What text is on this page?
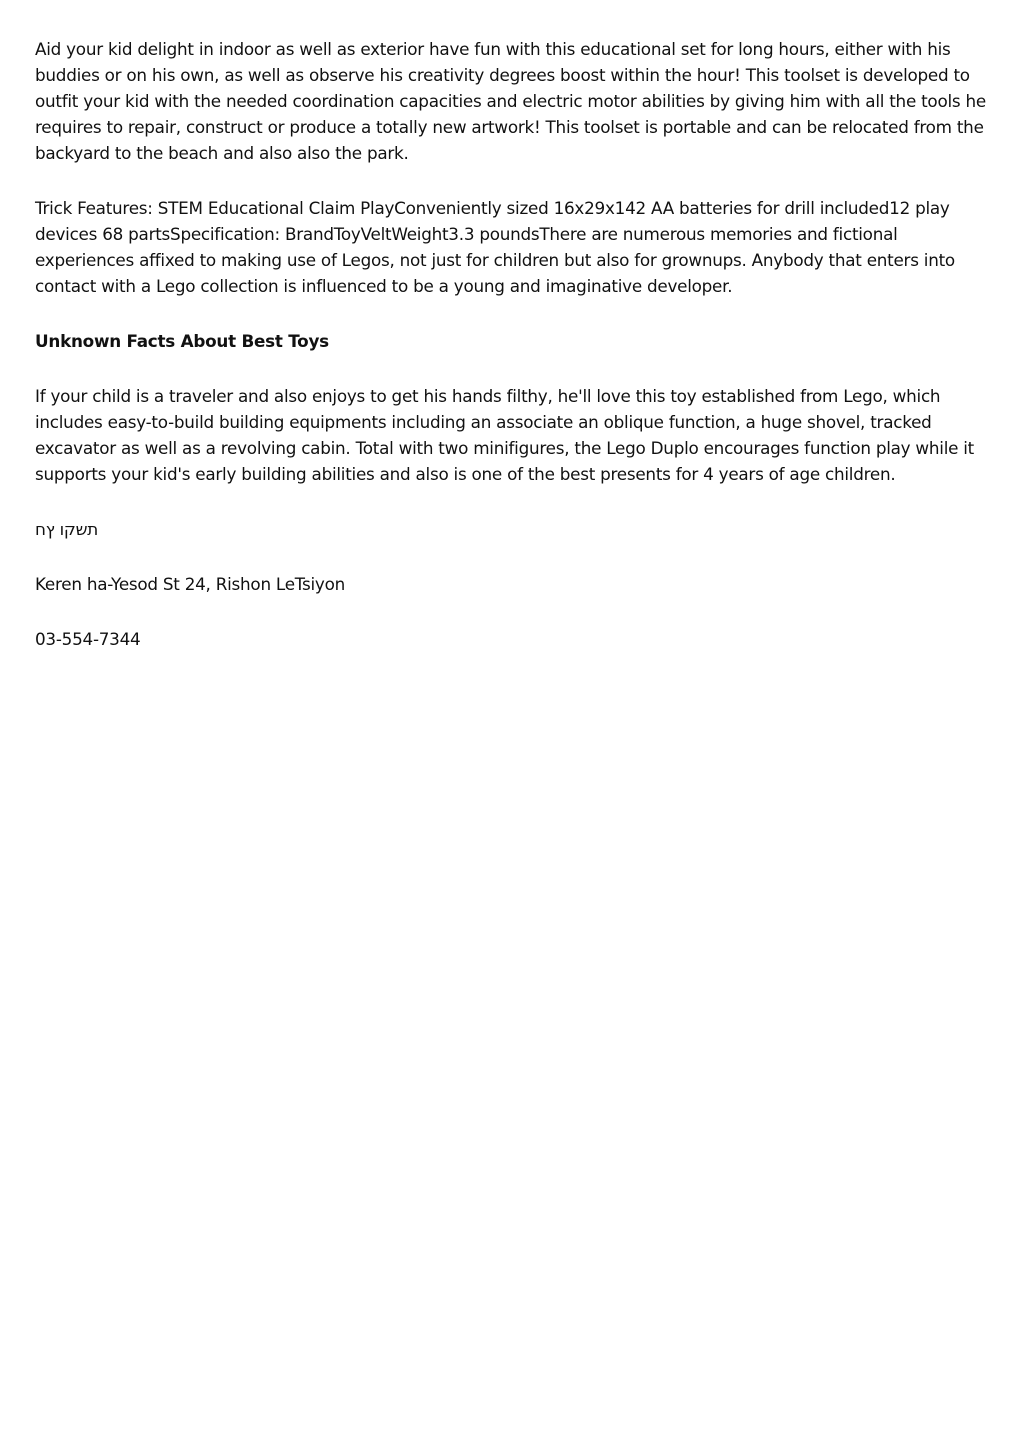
Aid your kid delight in indoor as well as exterior have fun with this educational set for long hours, either with his buddies or on his own, as well as observe his creativity degrees boost within the hour! This toolset is developed to outfit your kid with the needed coordination capacities and electric motor abilities by giving him with all the tools he requires to repair, construct or produce a totally new artwork! This toolset is portable and can be relocated from the backyard to the beach and also also the park.

Trick Features: STEM Educational Claim PlayConveniently sized 16x29x142 AA batteries for drill included12 play devices 68 partsSpecification: BrandToyVeltWeight3.3 poundsThere are numerous memories and fictional experiences affixed to making use of Legos, not just for children but also for grownups. Anybody that enters into contact with a Lego collection is influenced to be a young and imaginative developer.

Unknown Facts About Best Toys

If your child is a traveler and also enjoys to get his hands filthy, he'll love this toy established from Lego, which includes easy-to-build building equipments including an associate an oblique function, a huge shovel, tracked excavator as well as a revolving cabin. Total with two minifigures, the Lego Duplo encourages function play while it supports your kid's early building abilities and also is one of the best presents for 4 years of age children.

תשקו ץח

Keren ha-Yesod St 24, Rishon LeTsiyon

03-554-7344
